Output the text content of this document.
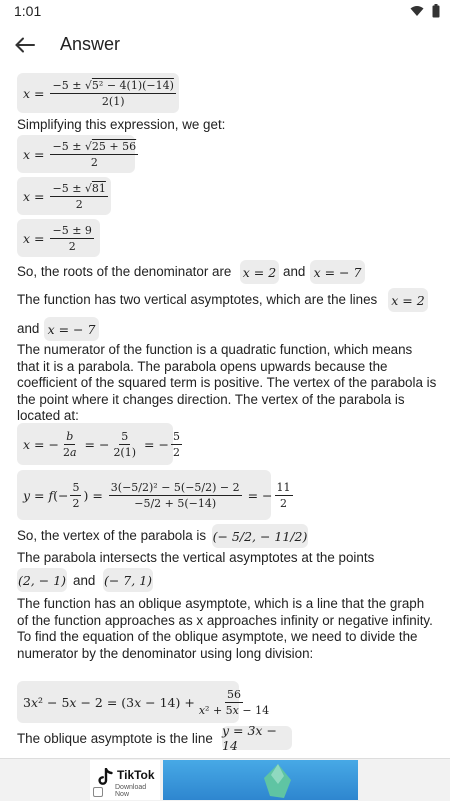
1:01
Answer
$x = \frac{\text{−5 ± √5² − 4(1)(−14)}}{2(1)}$
Simplifying this expression, we get:
$x = \frac{-5 \pm √25 + 56}{2}$
$x = \frac{-5 \pm √81}{2}$
$x = \frac{-5 \pm 9}{2}$
So, the roots of the denominator are x = 2 and x = − 7
The function has two vertical asymptotes, which are the lines	x = 2
and x = − 7
The numerator of the function is a quadratic function, which means that it is a parabola. The parabola opens upwards because the coefficient of the squared term is positive. The vertex of the parabola is the point where it changes direction. The vertex of the parabola is located at:
x = − $\frac{b}{2a}$ = − $\frac{5}{2(1)}$ = − $\frac{5}{2}$
y = f (− $\frac{5}{2}$ ) = $\frac{\text{3(−5/2)² − 5(−5/2) − 2}}{-5/2 + 5(-14)}$ = − $\frac{11}{2}$
So, the vertex of the parabola is (− 5/2, − 11/2)
The parabola intersects the vertical asymptotes at the points
(2, − 1) and (− 7, 1)
The function has an oblique asymptote, which is a line that the graph of the function approaches as x approaches infinity or negative infinity. To find the equation of the oblique asymptote, we need to divide the numerator by the denominator using long division:
3 x ² − 5 x − 2 = (3 $x - 14) + \frac{56}{\text{x² + 5x − 14}}$
The oblique asymptote is the line
y = 3x − 14
TikTok
Download Now
